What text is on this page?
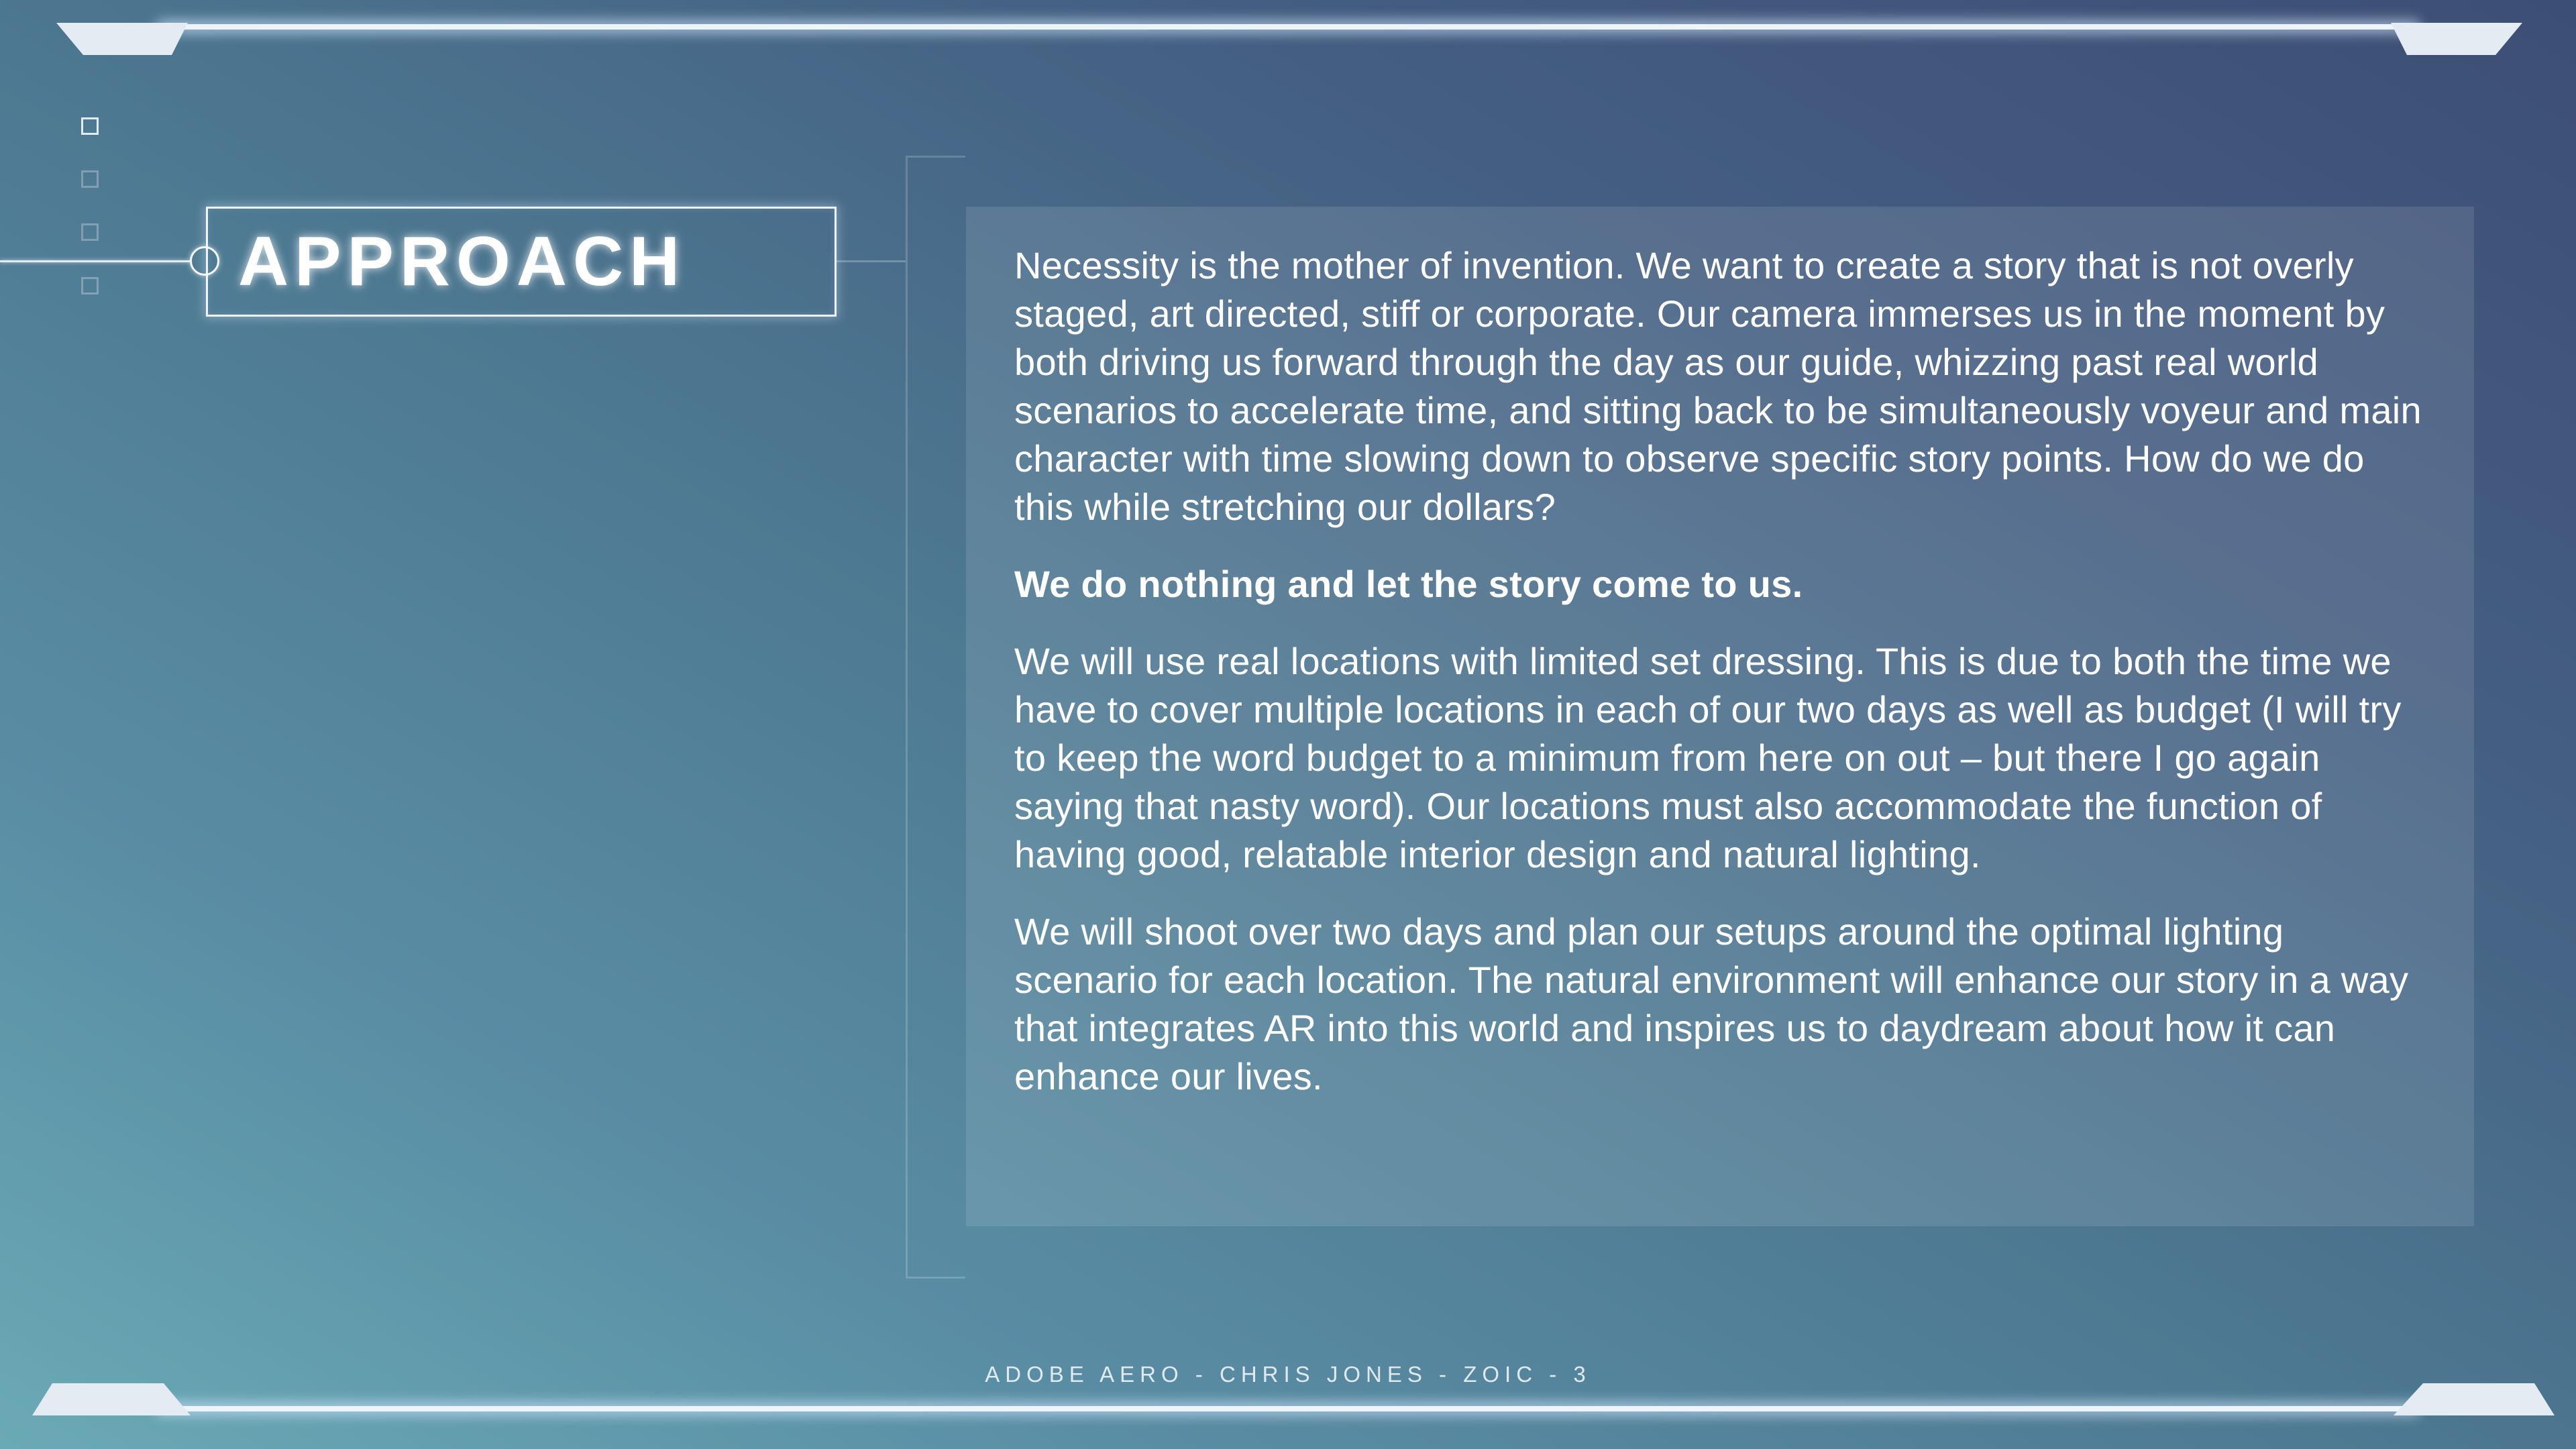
APPROACH	Necessity is the mother of invention. We want to create a story that is not overly staged, art directed, stiff or corporate. Our camera immerses us in the moment by both driving us forward through the day as our guide, whizzing past real world scenarios to accelerate time, and sitting back to be simultaneously voyeur and main character with time slowing down to observe specific story points. How do we do this while stretching our dollars?

We do nothing and let the story come to us.

We will use real locations with limited set dressing. This is due to both the time we have to cover multiple locations in each of our two days as well as budget (I will try to keep the word budget to a minimum from here on out – but there I go again saying that nasty word). Our locations must also accommodate the function of having good, relatable interior design and natural lighting.

We will shoot over two days and plan our setups around the optimal lighting scenario for each location. The natural environment will enhance our story in a way that integrates AR into this world and inspires us to daydream about how it can enhance our lives.

ADOBE AERO - CHRIS JONES - ZOIC - 3
